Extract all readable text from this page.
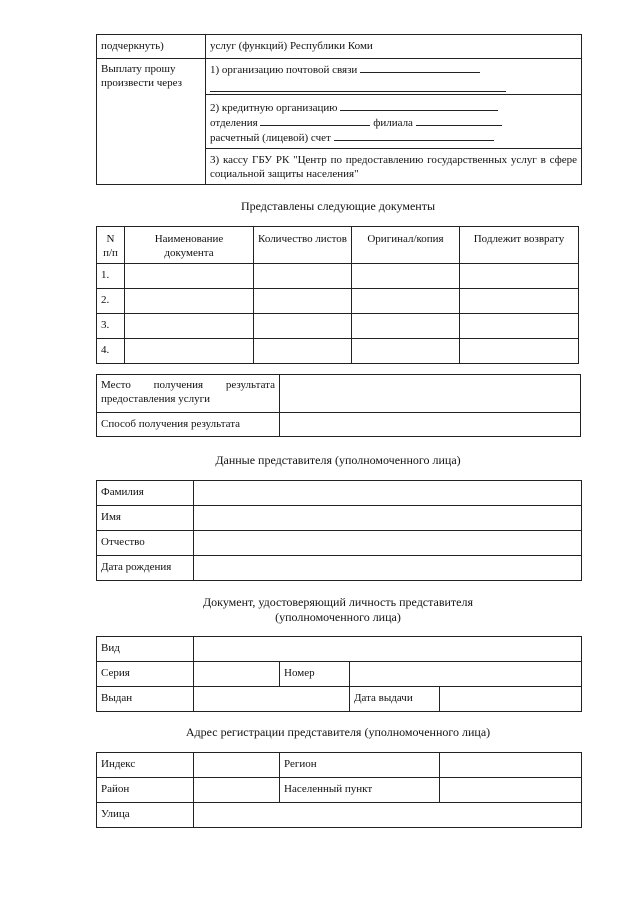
подчеркнуть)	услуг (функций) Республики Коми
Выплату прошу произвести через	1) организацию почтовой связи

	2) кредитную организацию
отделения филиала
расчетный (лицевой) счет

	3) кассу ГБУ РК "Центр по предоставлению государственных услуг в сфере социальной защиты населения"
Представлены следующие документы
N п/п	Наименование документа	Количество листов	Оригинал/копия	Подлежит возврату
1.				
2.				
3.				
4.				
Место получения результата предоставления услуги	
Способ получения результата	
Данные представителя (уполномоченного лица)
Фамилия	
Имя	
Отчество	
Дата рождения	
Документ, удостоверяющий личность представителя (уполномоченного лица)
Вид				
Серия		Номер		
Выдан			Дата выдачи	
Адрес регистрации представителя (уполномоченного лица)
Индекс		Регион	
Район		Населенный пункт	
Улица			
